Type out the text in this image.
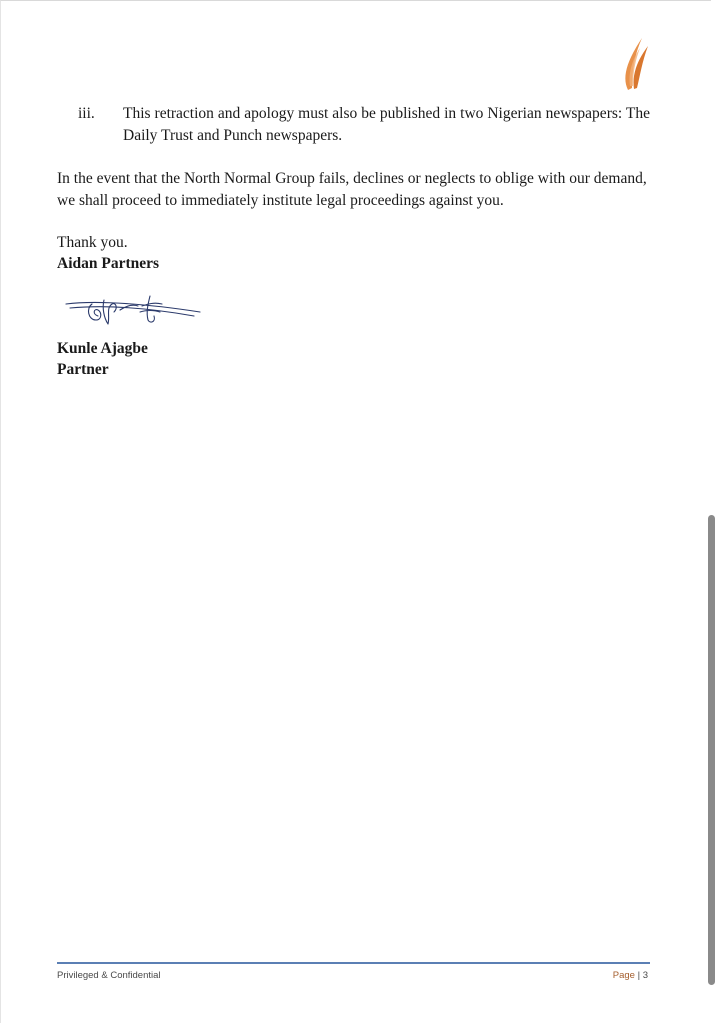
iii. This retraction and apology must also be published in two Nigerian newspapers: The Daily Trust and Punch newspapers.
In the event that the North Normal Group fails, declines or neglects to oblige with our demand, we shall proceed to immediately institute legal proceedings against you.
Thank you.
Aidan Partners
Kunle Ajagbe
Partner
Privileged & Confidential	Page | 3
